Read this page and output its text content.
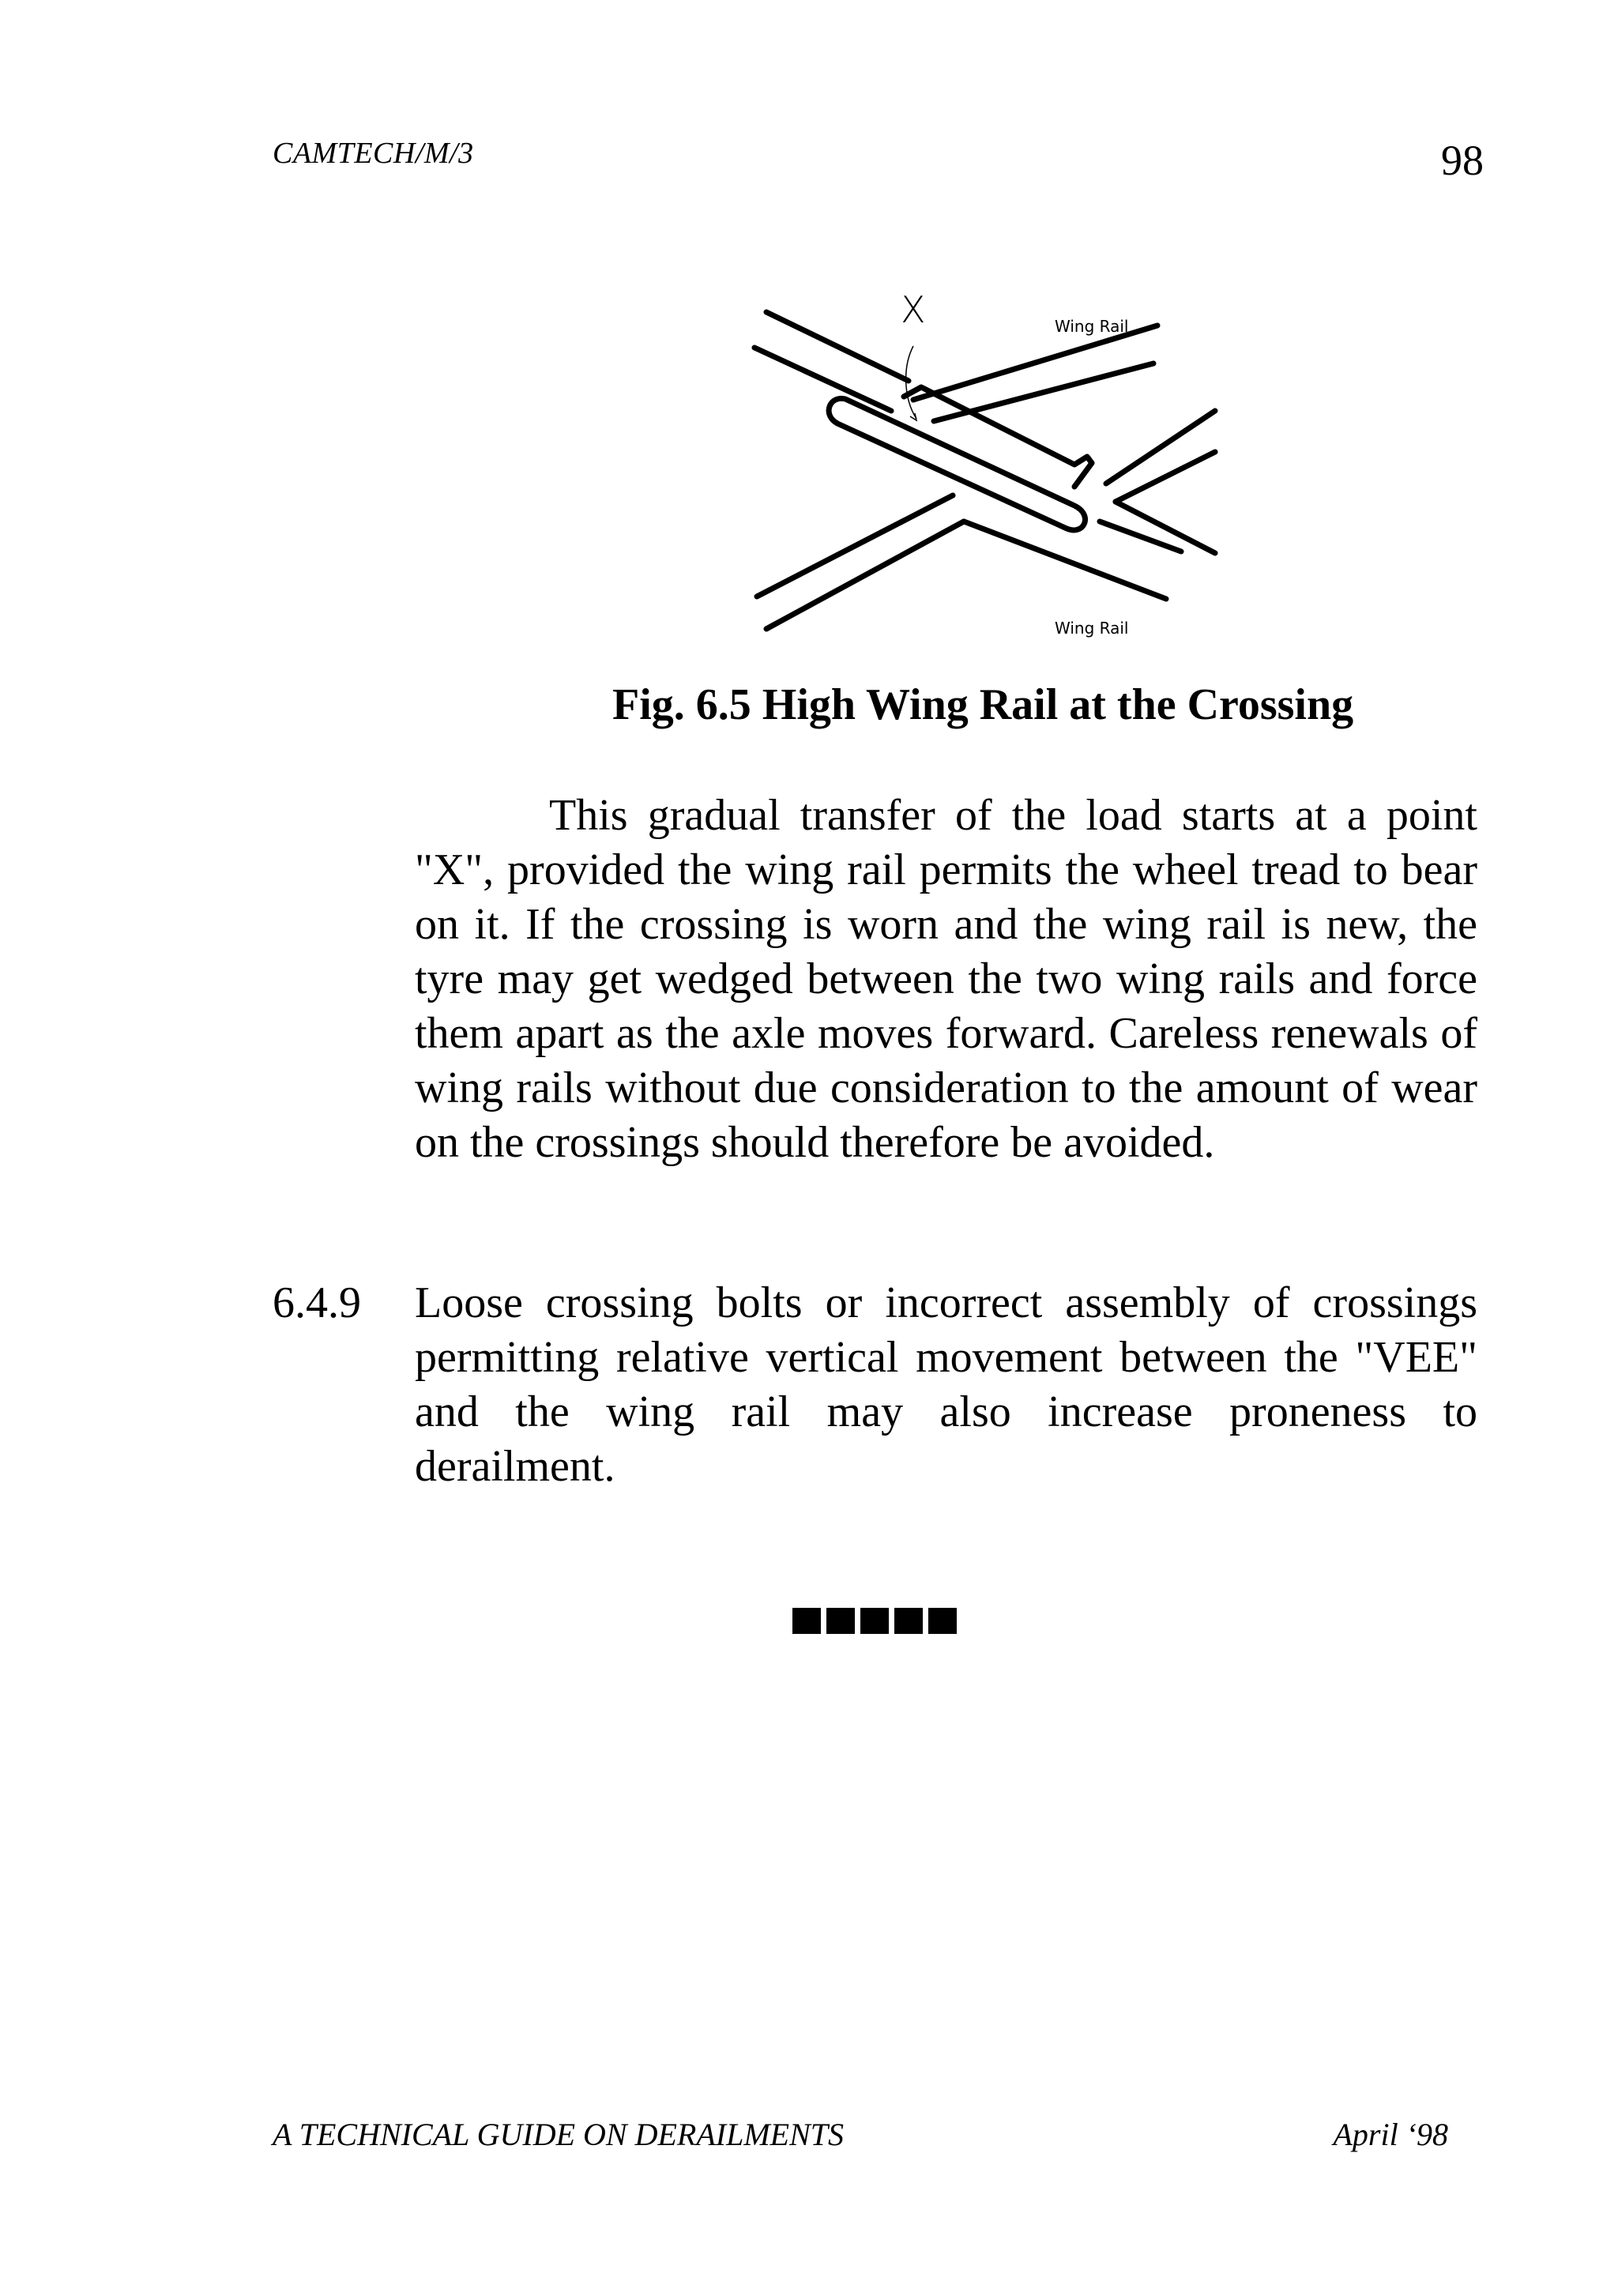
CAMTECH/M/3	98
X	Wing Rail
Wing Rail
Fig. 6.5 High Wing Rail at the Crossing
This gradual transfer of the load starts at a point "X", provided the wing rail permits the wheel tread to bear on it. If the crossing is worn and the wing rail is new, the tyre may get wedged between the two wing rails and force them apart as the axle moves forward. Careless renewals of wing rails without due consideration to the amount of wear on the crossings should therefore be avoided.
6.4.9 Loose crossing bolts or incorrect assembly of crossings permitting relative vertical movement between the "VEE" and the wing rail may also increase proneness to derailment.
A TECHNICAL GUIDE ON DERAILMENTS	April ‘98
